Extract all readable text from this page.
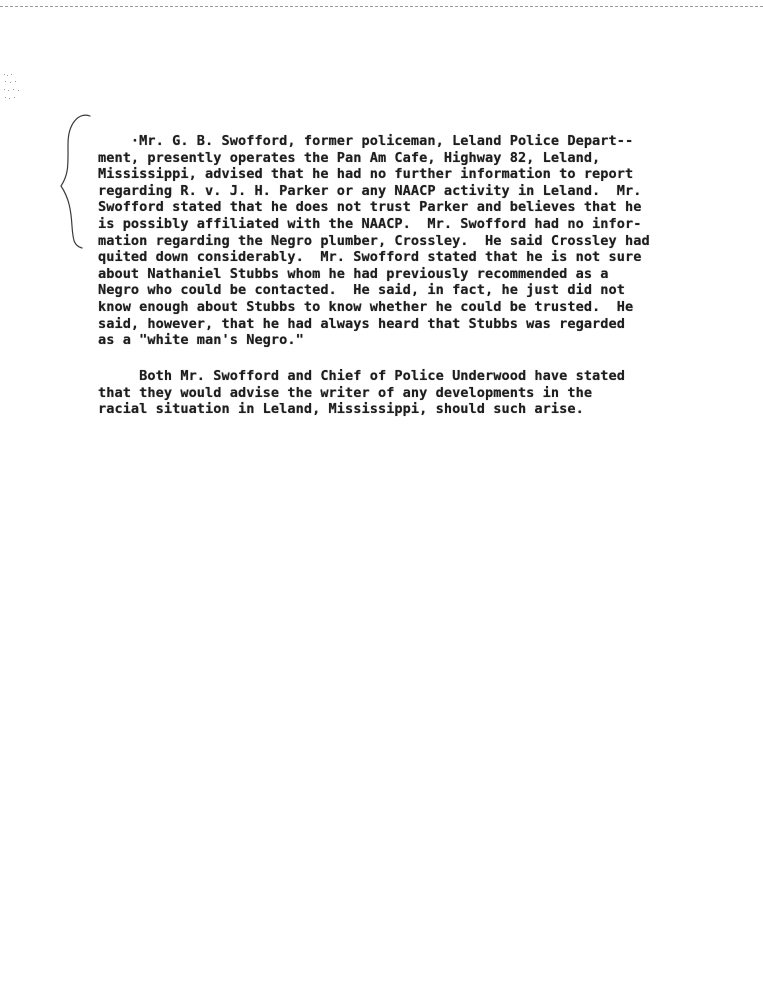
·Mr. G. B. Swofford, former policeman, Leland Police Depart--
ment, presently operates the Pan Am Cafe, Highway 82, Leland,
Mississippi, advised that he had no further information to report
regarding R. v. J. H. Parker or any NAACP activity in Leland.  Mr.
Swofford stated that he does not trust Parker and believes that he
is possibly affiliated with the NAACP.  Mr. Swofford had no infor-
mation regarding the Negro plumber, Crossley.  He said Crossley had
quited down considerably.  Mr. Swofford stated that he is not sure
about Nathaniel Stubbs whom he had previously recommended as a
Negro who could be contacted.  He said, in fact, he just did not
know enough about Stubbs to know whether he could be trusted.  He
said, however, that he had always heard that Stubbs was regarded
as a "white man's Negro."
Both Mr. Swofford and Chief of Police Underwood have stated
that they would advise the writer of any developments in the
racial situation in Leland, Mississippi, should such arise.
